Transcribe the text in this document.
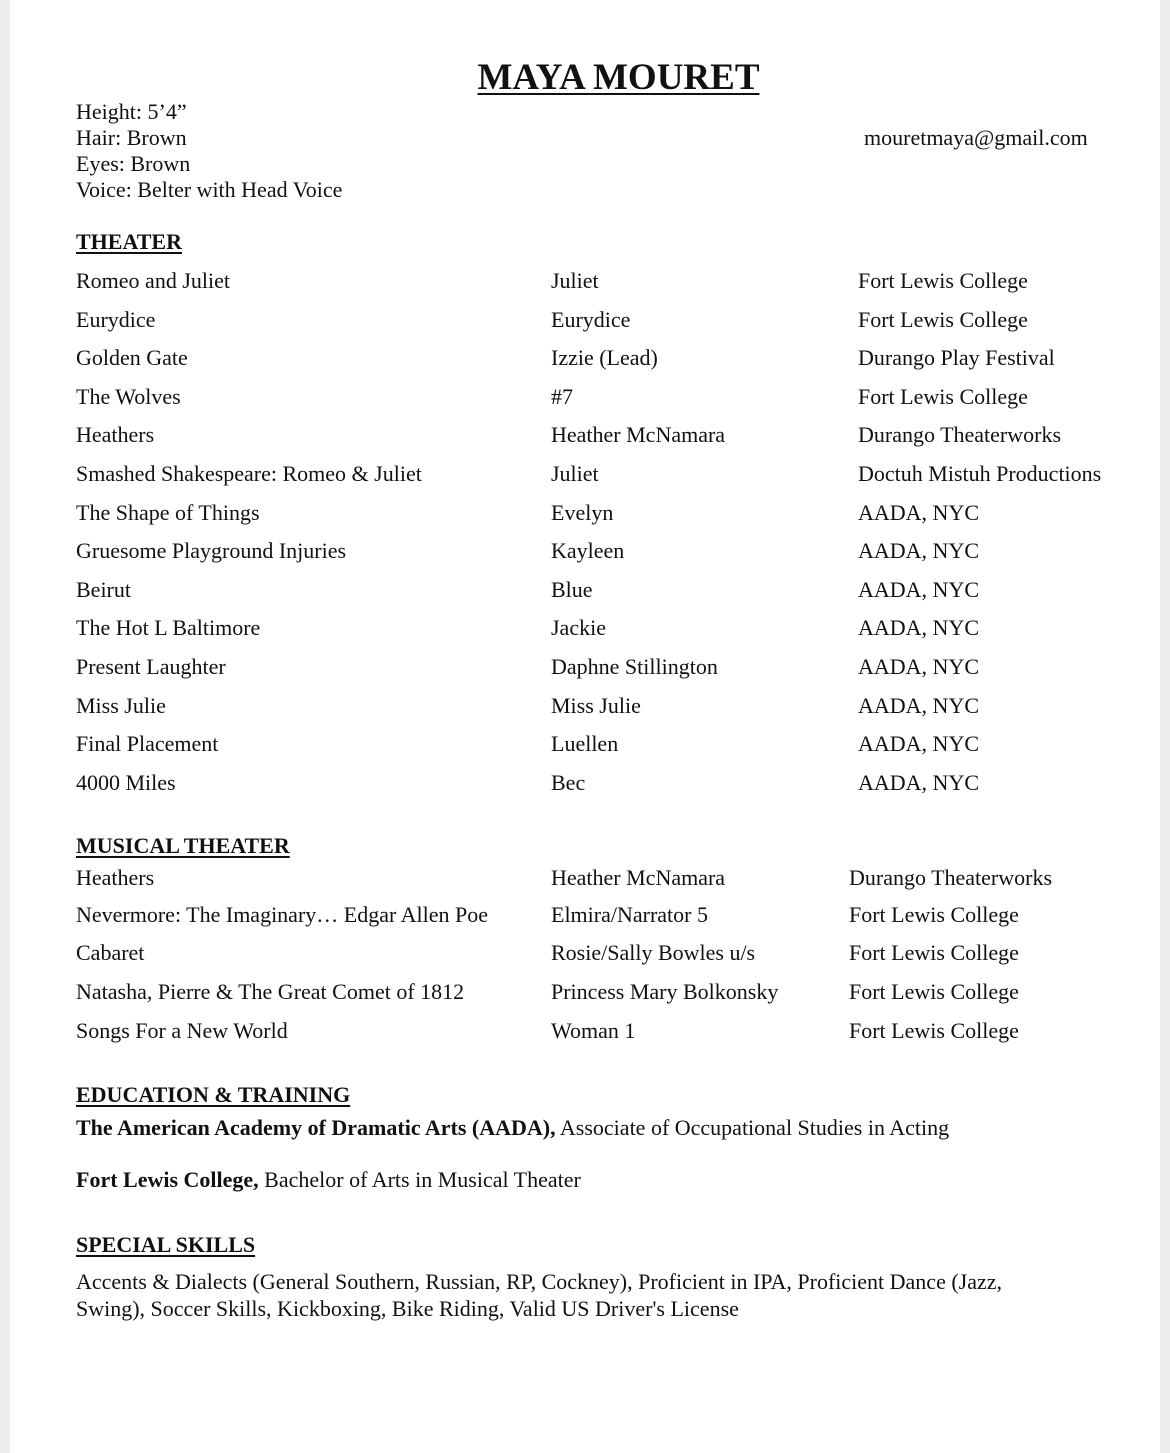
MAYA MOURET
Height: 5’4”
Hair: Brown
Eyes: Brown
Voice: Belter with Head Voice
mouretmaya@gmail.com
THEATER
Romeo and Juliet	Juliet	Fort Lewis College
Eurydice	Eurydice	Fort Lewis College
Golden Gate	Izzie (Lead)	Durango Play Festival
The Wolves	#7	Fort Lewis College
Heathers	Heather McNamara	Durango Theaterworks
Smashed Shakespeare: Romeo & Juliet	Juliet	Doctuh Mistuh Productions
The Shape of Things	Evelyn	AADA, NYC
Gruesome Playground Injuries	Kayleen	AADA, NYC
Beirut	Blue	AADA, NYC
The Hot L Baltimore	Jackie	AADA, NYC
Present Laughter	Daphne Stillington	AADA, NYC
Miss Julie	Miss Julie	AADA, NYC
Final Placement	Luellen	AADA, NYC
4000 Miles	Bec	AADA, NYC
MUSICAL THEATER
Heathers	Heather McNamara	Durango Theaterworks
Nevermore: The Imaginary… Edgar Allen Poe	Elmira/Narrator 5	Fort Lewis College
Cabaret	Rosie/Sally Bowles u/s	Fort Lewis College
Natasha, Pierre & The Great Comet of 1812	Princess Mary Bolkonsky	Fort Lewis College
Songs For a New World	Woman 1	Fort Lewis College
EDUCATION & TRAINING
The American Academy of Dramatic Arts (AADA), Associate of Occupational Studies in Acting
Fort Lewis College, Bachelor of Arts in Musical Theater
SPECIAL SKILLS
Accents & Dialects (General Southern, Russian, RP, Cockney), Proficient in IPA, Proficient Dance (Jazz, Swing), Soccer Skills, Kickboxing, Bike Riding, Valid US Driver's License
